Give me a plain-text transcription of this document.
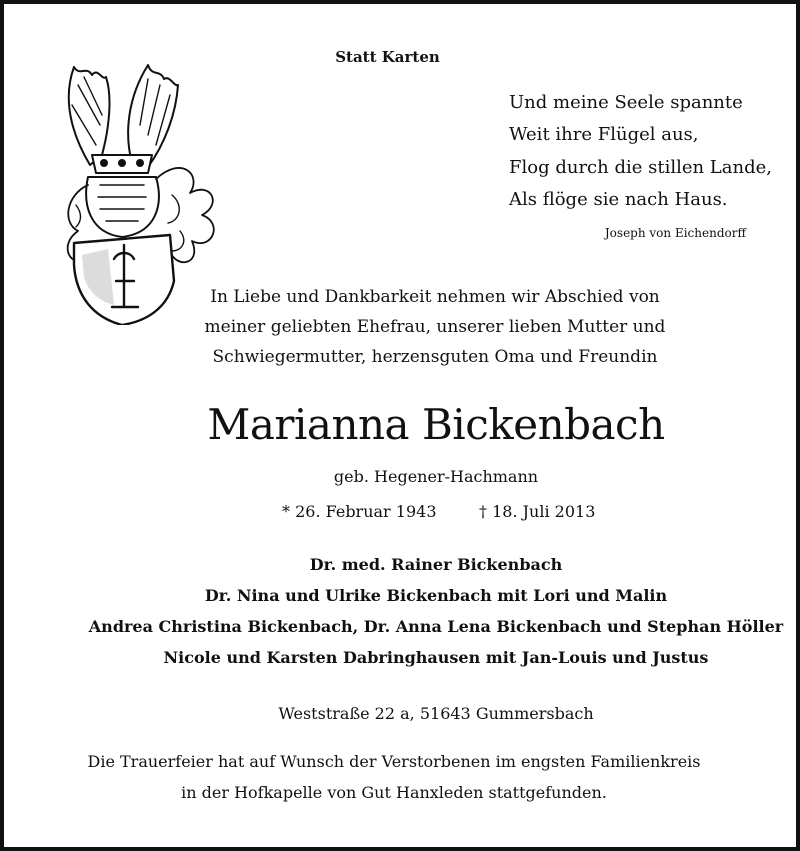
Statt Karten
Und meine Seele spannte
Weit ihre Flügel aus,
Flog durch die stillen Lande,
Als flöge sie nach Haus.
Joseph von Eichendorff
In Liebe und Dankbarkeit nehmen wir Abschied von
meiner geliebten Ehefrau, unserer lieben Mutter und
Schwiegermutter, herzensguten Oma und Freundin
Marianna Bickenbach
geb. Hegener-Hachmann
* 26. Februar 1943	† 18. Juli 2013
Dr. med. Rainer Bickenbach
Dr. Nina und Ulrike Bickenbach mit Lori und Malin
Andrea Christina Bickenbach, Dr. Anna Lena Bickenbach und Stephan Höller
Nicole und Karsten Dabringhausen mit Jan-Louis und Justus
Weststraße 22 a, 51643 Gummersbach
Die Trauerfeier hat auf Wunsch der Verstorbenen im engsten Familienkreis
in der Hofkapelle von Gut Hanxleden stattgefunden.
